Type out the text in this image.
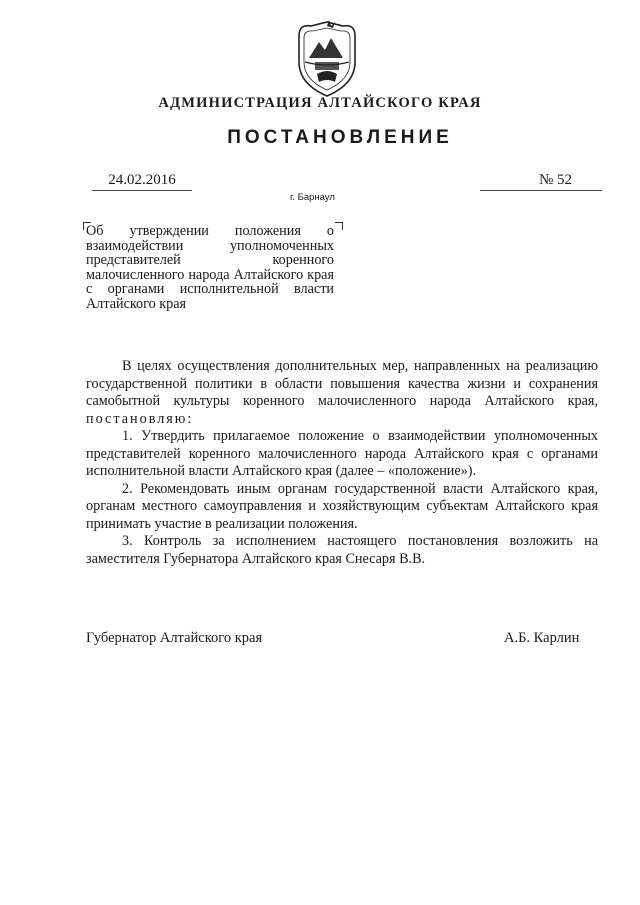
АДМИНИСТРАЦИЯ АЛТАЙСКОГО КРАЯ
ПОСТАНОВЛЕНИЕ
24.02.2016	№ 52
г. Барнаул
Об утверждении положения о взаимодействии уполномоченных представителей коренного малочисленного народа Алтайского края с органами исполнительной власти Алтайского края

В целях осуществления дополнительных мер, направленных на реализацию государственной политики в области повышения качества жизни и сохранения самобытной культуры коренного малочисленного народа Алтайского края, постановляю:

1. Утвердить прилагаемое положение о взаимодействии уполномоченных представителей коренного малочисленного народа Алтайского края с органами исполнительной власти Алтайского края (далее – «положение»).

2. Рекомендовать иным органам государственной власти Алтайского края, органам местного самоуправления и хозяйствующим субъектам Алтайского края принимать участие в реализации положения.

3. Контроль за исполнением настоящего постановления возложить на заместителя Губернатора Алтайского края Снесаря В.В.

Губернатор Алтайского края	А.Б. Карлин
